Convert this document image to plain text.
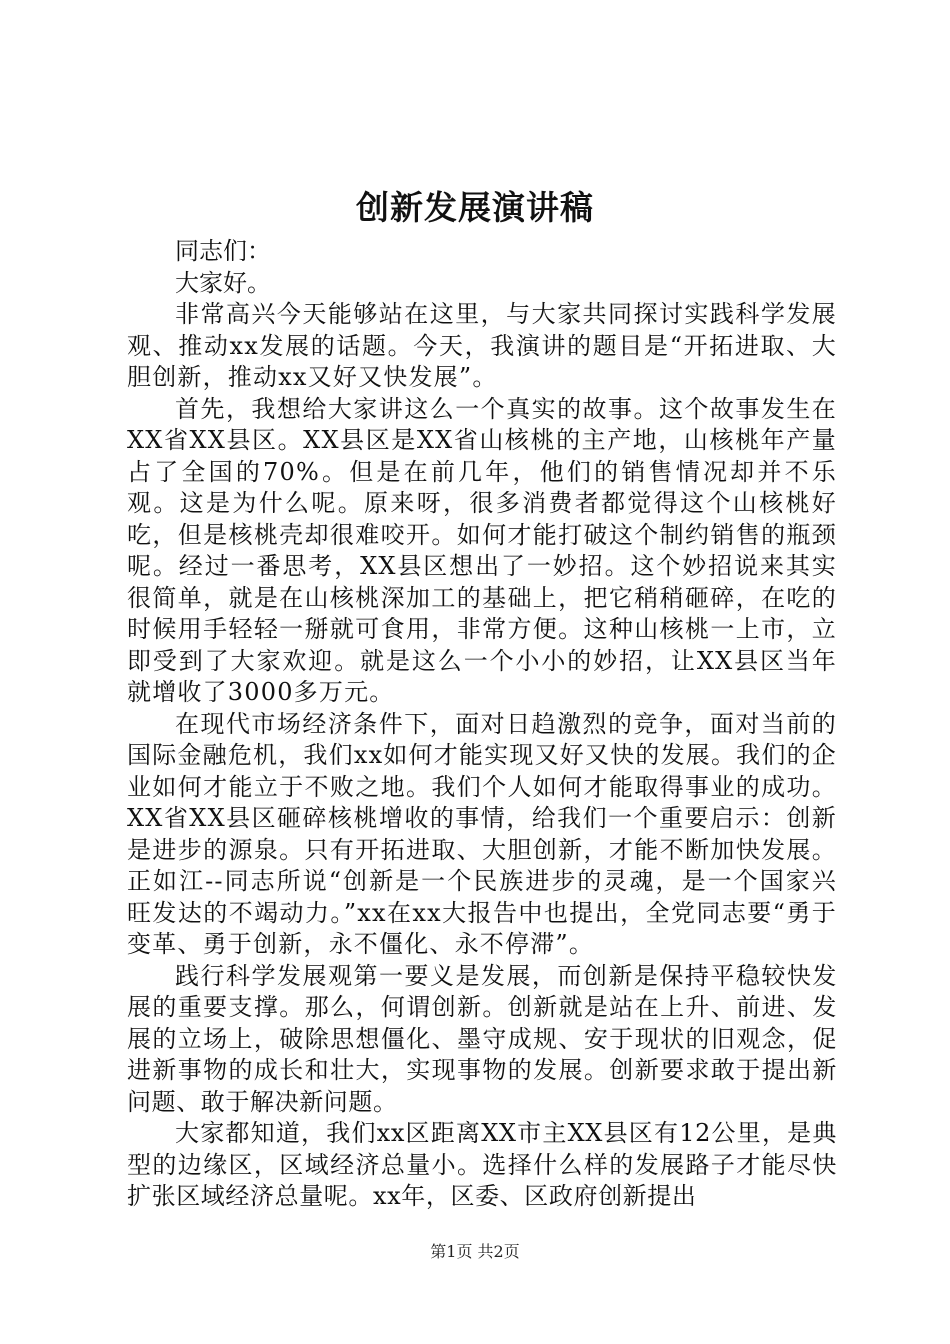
创新发展演讲稿

同志们：

大家好。

非常高兴今天能够站在这里，与大家共同探讨实践科学发展观、推动xx发展的话题。今天，我演讲的题目是“开拓进取、大胆创新，推动xx又好又快发展”。

首先，我想给大家讲这么一个真实的故事。这个故事发生在XX省XX县区。XX县区是XX省山核桃的主产地，山核桃年产量占了全国的70%。但是在前几年，他们的销售情况却并不乐观。这是为什么呢。原来呀，很多消费者都觉得这个山核桃好吃，但是核桃壳却很难咬开。如何才能打破这个制约销售的瓶颈呢。经过一番思考，XX县区想出了一妙招。这个妙招说来其实很简单，就是在山核桃深加工的基础上，把它稍稍砸碎，在吃的时候用手轻轻一掰就可食用，非常方便。这种山核桃一上市，立即受到了大家欢迎。就是这么一个小小的妙招，让XX县区当年就增收了3000多万元。

在现代市场经济条件下，面对日趋激烈的竞争，面对当前的国际金融危机，我们xx如何才能实现又好又快的发展。我们的企业如何才能立于不败之地。我们个人如何才能取得事业的成功。XX省XX县区砸碎核桃增收的事情，给我们一个重要启示：创新是进步的源泉。只有开拓进取、大胆创新，才能不断加快发展。正如江--同志所说“创新是一个民族进步的灵魂，是一个国家兴旺发达的不竭动力。”xx在xx大报告中也提出，全党同志要“勇于变革、勇于创新，永不僵化、永不停滞”。

践行科学发展观第一要义是发展，而创新是保持平稳较快发展的重要支撑。那么，何谓创新。创新就是站在上升、前进、发展的立场上，破除思想僵化、墨守成规、安于现状的旧观念，促进新事物的成长和壮大，实现事物的发展。创新要求敢于提出新问题、敢于解决新问题。

大家都知道，我们xx区距离XX市主XX县区有12公里，是典型的边缘区，区域经济总量小。选择什么样的发展路子才能尽快扩张区域经济总量呢。xx年，区委、区政府创新提出

第1页 共2页
